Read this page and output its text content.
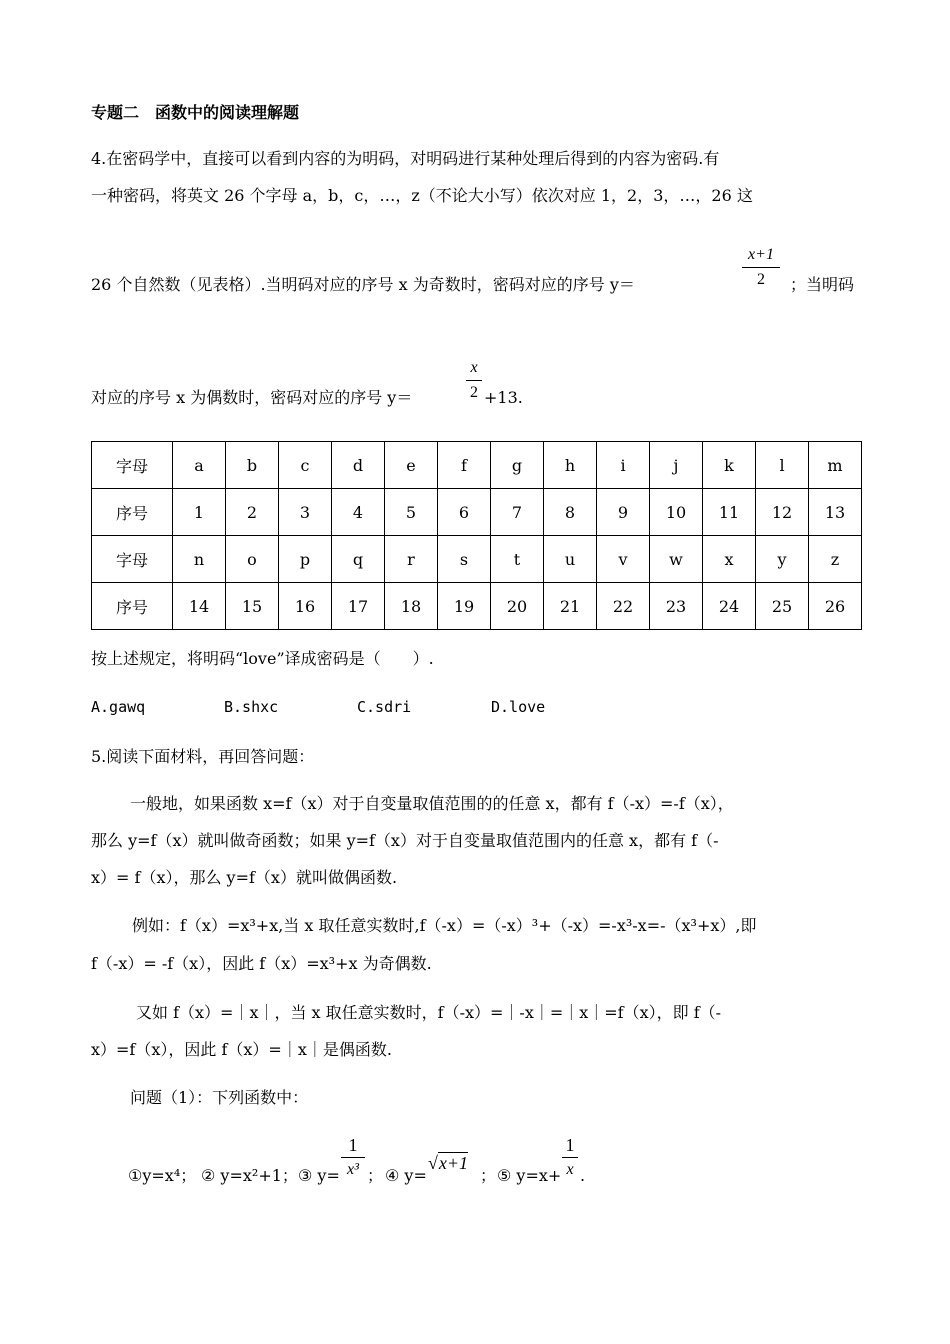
专题二　函数中的阅读理解题
4.在密码学中，直接可以看到内容的为明码，对明码进行某种处理后得到的内容为密码.有
一种密码，将英文 26 个字母 a，b，c，…，z（不论大小写）依次对应 1，2，3，…，26 这
26 个自然数（见表格）.当明码对应的序号 x 为奇数时，密码对应的序号 y＝
x+1
2	；当明码
对应的序号 x 为偶数时，密码对应的序号 y＝
x
2 +13.
字母	a	b	c	d	e	f	g	h	i	j	k	l	m
序号	1	2	3	4	5	6	7	8	9	10	11	12	13
字母	n	o	p	q	r	s	t	u	v	w	x	y	z
序号	14	15	16	17	18	19	20	21	22	23	24	25	26
按上述规定，将明码“love”译成密码是（　　）.
A.gawq	B.shxc	C.sdri	D.love
5.阅读下面材料，再回答问题：
一般地，如果函数 x=f（x）对于自变量取值范围的的任意 x，都有 f（-x）=-f（x），
那么 y=f（x）就叫做奇函数；如果 y=f（x）对于自变量取值范围内的任意 x，都有 f（-
x）= f（x），那么 y=f（x）就叫做偶函数.
例如：f（x）=x³+x,当 x 取任意实数时,f（-x）=（-x）³+（-x）=-x³-x=-（x³+x）,即
f（-x）= -f（x），因此 f（x）=x³+x 为奇偶数.
又如 f（x）=｜x｜，当 x 取任意实数时，f（-x）=｜-x｜=｜x｜=f（x），即 f（-
x）=f（x），因此 f（x）=｜x｜是偶函数.
问题（1）：下列函数中：
①y=x⁴； ② y=x²+1； ③ y=
1
x³ ； ④ y=
√x+1
； ⑤ y=x+
1
x .
